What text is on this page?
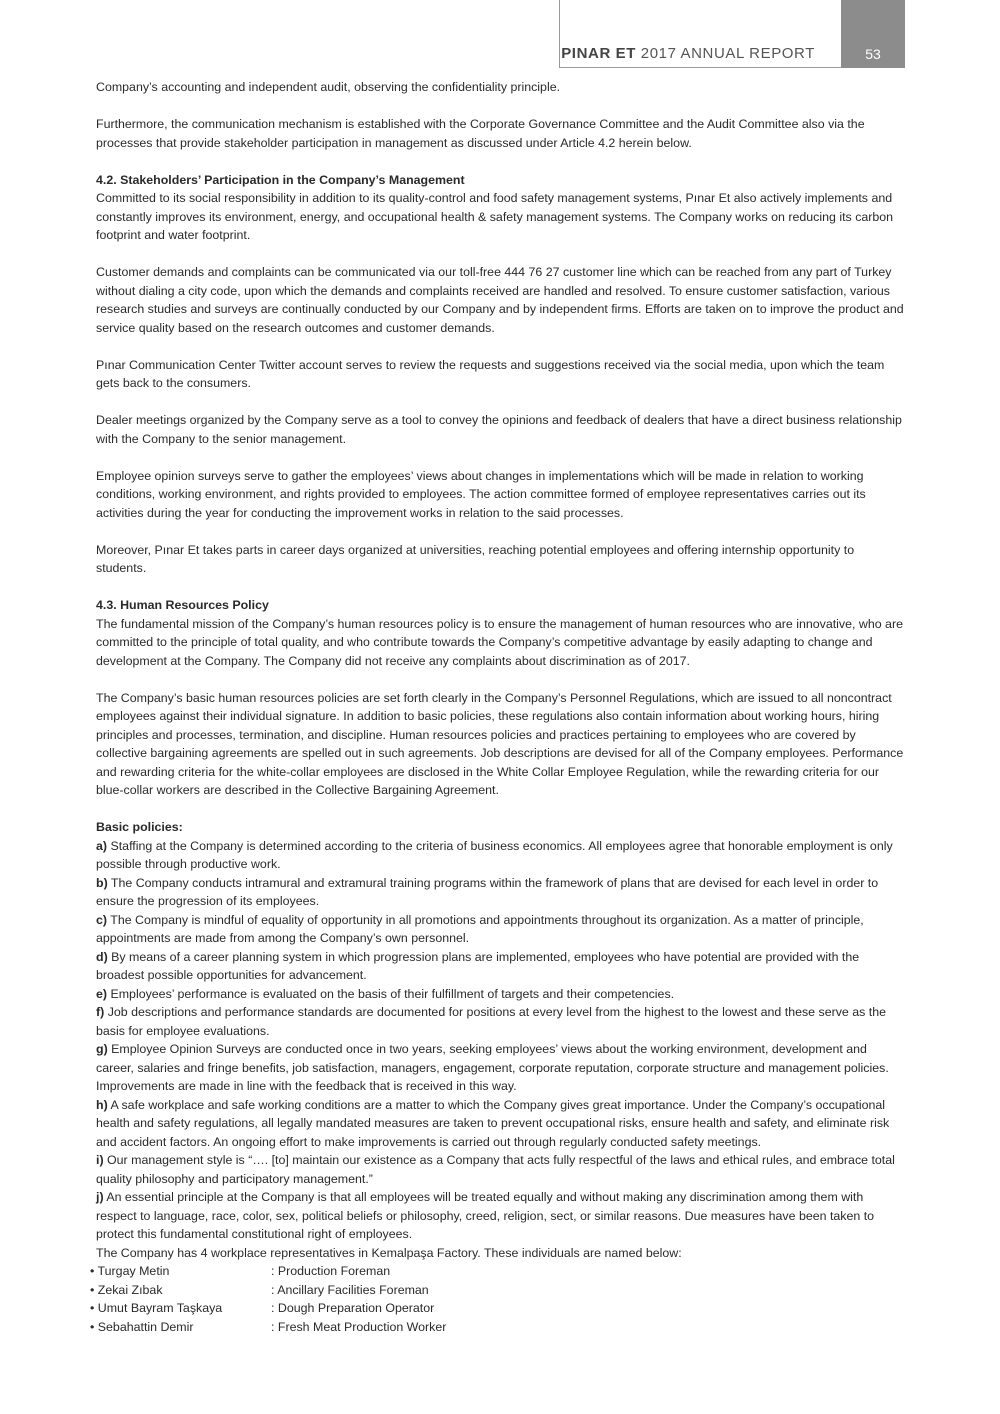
PINAR ET 2017 ANNUAL REPORT	53

Company’s accounting and independent audit, observing the confidentiality principle.

Furthermore, the communication mechanism is established with the Corporate Governance Committee and the Audit Committee also via the processes that provide stakeholder participation in management as discussed under Article 4.2 herein below.

4.2. Stakeholders’ Participation in the Company’s Management

Committed to its social responsibility in addition to its quality-control and food safety management systems, Pınar Et also actively implements and constantly improves its environment, energy, and occupational health & safety management systems. The Company works on reducing its carbon footprint and water footprint.

Customer demands and complaints can be communicated via our toll-free 444 76 27 customer line which can be reached from any part of Turkey without dialing a city code, upon which the demands and complaints received are handled and resolved. To ensure customer satisfaction, various research studies and surveys are continually conducted by our Company and by independent firms. Efforts are taken on to improve the product and service quality based on the research outcomes and customer demands.

Pınar Communication Center Twitter account serves to review the requests and suggestions received via the social media, upon which the team gets back to the consumers.

Dealer meetings organized by the Company serve as a tool to convey the opinions and feedback of dealers that have a direct business relationship with the Company to the senior management.

Employee opinion surveys serve to gather the employees’ views about changes in implementations which will be made in relation to working conditions, working environment, and rights provided to employees. The action committee formed of employee representatives carries out its activities during the year for conducting the improvement works in relation to the said processes.

Moreover, Pınar Et takes parts in career days organized at universities, reaching potential employees and offering internship opportunity to students.

4.3. Human Resources Policy

The fundamental mission of the Company’s human resources policy is to ensure the management of human resources who are innovative, who are committed to the principle of total quality, and who contribute towards the Company’s competitive advantage by easily adapting to change and development at the Company. The Company did not receive any complaints about discrimination as of 2017.

The Company’s basic human resources policies are set forth clearly in the Company’s Personnel Regulations, which are issued to all noncontract employees against their individual signature. In addition to basic policies, these regulations also contain information about working hours, hiring principles and processes, termination, and discipline. Human resources policies and practices pertaining to employees who are covered by collective bargaining agreements are spelled out in such agreements. Job descriptions are devised for all of the Company employees. Performance and rewarding criteria for the white-collar employees are disclosed in the White Collar Employee Regulation, while the rewarding criteria for our blue-collar workers are described in the Collective Bargaining Agreement.

Basic policies:
a) Staffing at the Company is determined according to the criteria of business economics. All employees agree that honorable employment is only possible through productive work.
b) The Company conducts intramural and extramural training programs within the framework of plans that are devised for each level in order to ensure the progression of its employees.
c) The Company is mindful of equality of opportunity in all promotions and appointments throughout its organization. As a matter of principle, appointments are made from among the Company’s own personnel.
d) By means of a career planning system in which progression plans are implemented, employees who have potential are provided with the broadest possible opportunities for advancement.
e) Employees’ performance is evaluated on the basis of their fulfillment of targets and their competencies.
f) Job descriptions and performance standards are documented for positions at every level from the highest to the lowest and these serve as the basis for employee evaluations.
g) Employee Opinion Surveys are conducted once in two years, seeking employees’ views about the working environment, development and career, salaries and fringe benefits, job satisfaction, managers, engagement, corporate reputation, corporate structure and management policies. Improvements are made in line with the feedback that is received in this way.
h) A safe workplace and safe working conditions are a matter to which the Company gives great importance. Under the Company’s occupational health and safety regulations, all legally mandated measures are taken to prevent occupational risks, ensure health and safety, and eliminate risk and accident factors. An ongoing effort to make improvements is carried out through regularly conducted safety meetings.
i) Our management style is “…. [to] maintain our existence as a Company that acts fully respectful of the laws and ethical rules, and embrace total quality philosophy and participatory management.”
j) An essential principle at the Company is that all employees will be treated equally and without making any discrimination among them with respect to language, race, color, sex, political beliefs or philosophy, creed, religion, sect, or similar reasons. Due measures have been taken to protect this fundamental constitutional right of employees.
The Company has 4 workplace representatives in Kemalpaşa Factory. These individuals are named below:
• Turgay Metin	: Production Foreman
• Zekai Zıbak	: Ancillary Facilities Foreman
• Umut Bayram Taşkaya	: Dough Preparation Operator
• Sebahattin Demir	: Fresh Meat Production Worker
